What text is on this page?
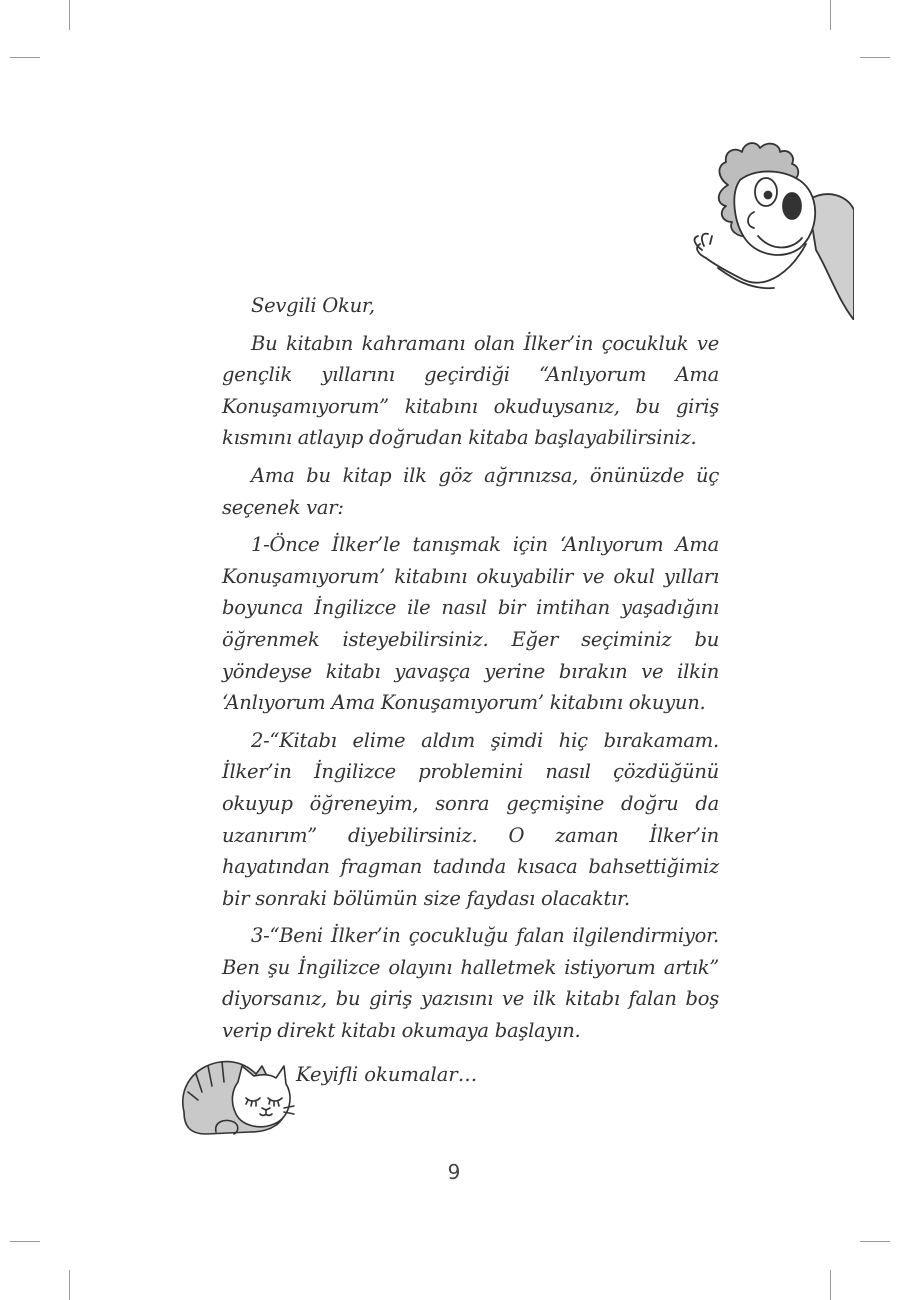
Sevgili Okur,

Bu kitabın kahramanı olan İlker’in çocukluk ve gençlik yıllarını geçirdiği “Anlıyorum Ama Konuşamıyorum” kitabını okuduysanız, bu giriş kısmını atlayıp doğrudan kitaba başlayabilirsiniz.

Ama bu kitap ilk göz ağrınızsa, önünüzde üç seçenek var:

1-Önce İlker’le tanışmak için ‘Anlıyorum Ama Konuşamıyorum’ kitabını okuyabilir ve okul yılları boyunca İngilizce ile nasıl bir imtihan yaşadığını öğrenmek isteyebilirsiniz. Eğer seçiminiz bu yöndeyse kitabı yavaşça yerine bırakın ve ilkin ‘Anlıyorum Ama Konuşamıyorum’ kitabını okuyun.

2-“Kitabı elime aldım şimdi hiç bırakamam. İlker’in İngilizce problemini nasıl çözdüğünü okuyup öğreneyim, sonra geçmişine doğru da uzanırım” diyebilirsiniz. O zaman İlker’in hayatından fragman tadında kısaca bahsettiğimiz bir sonraki bölümün size faydası olacaktır.

3-“Beni İlker’in çocukluğu falan ilgilendirmiyor. Ben şu İngilizce olayını halletmek istiyorum artık” diyorsanız, bu giriş yazısını ve ilk kitabı falan boş verip direkt kitabı okumaya başlayın.

Keyifli okumalar…

9
